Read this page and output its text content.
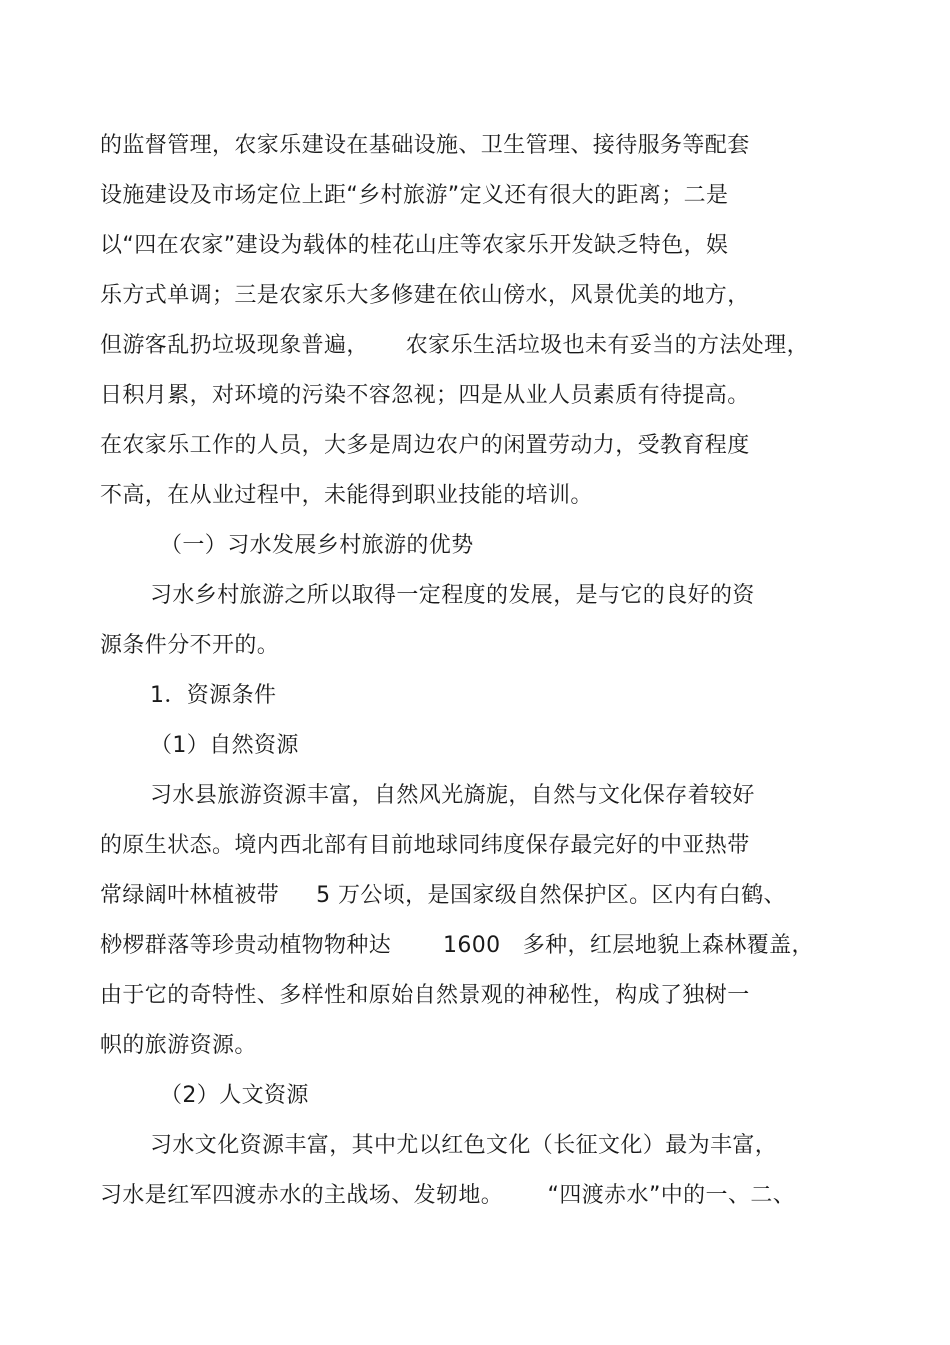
的监督管理，农家乐建设在基础设施、卫生管理、接待服务等配套
设施建设及市场定位上距“乡村旅游”定义还有很大的距离；二是
以“四在农家”建设为载体的桂花山庄等农家乐开发缺乏特色，娱
乐方式单调；三是农家乐大多修建在依山傍水，风景优美的地方，
但游客乱扔垃圾现象普遍，     农家乐生活垃圾也未有妥当的方法处理，
日积月累，对环境的污染不容忽视；四是从业人员素质有待提高。
在农家乐工作的人员，大多是周边农户的闲置劳动力，受教育程度
不高，在从业过程中，未能得到职业技能的培训。
（一）习水发展乡村旅游的优势
习水乡村旅游之所以取得一定程度的发展，是与它的良好的资
源条件分不开的。
1．资源条件
（1）自然资源
习水县旅游资源丰富，自然风光旖旎，自然与文化保存着较好
的原生状态。境内西北部有目前地球同纬度保存最完好的中亚热带
常绿阔叶林植被带     5 万公顷，是国家级自然保护区。区内有白鹤、
桫椤群落等珍贵动植物物种达       1600   多种，红层地貌上森林覆盖，
由于它的奇特性、多样性和原始自然景观的神秘性，构成了独树一
帜的旅游资源。
（2）人文资源
习水文化资源丰富，其中尤以红色文化（长征文化）最为丰富，
习水是红军四渡赤水的主战场、发轫地。      “四渡赤水”中的一、二、
